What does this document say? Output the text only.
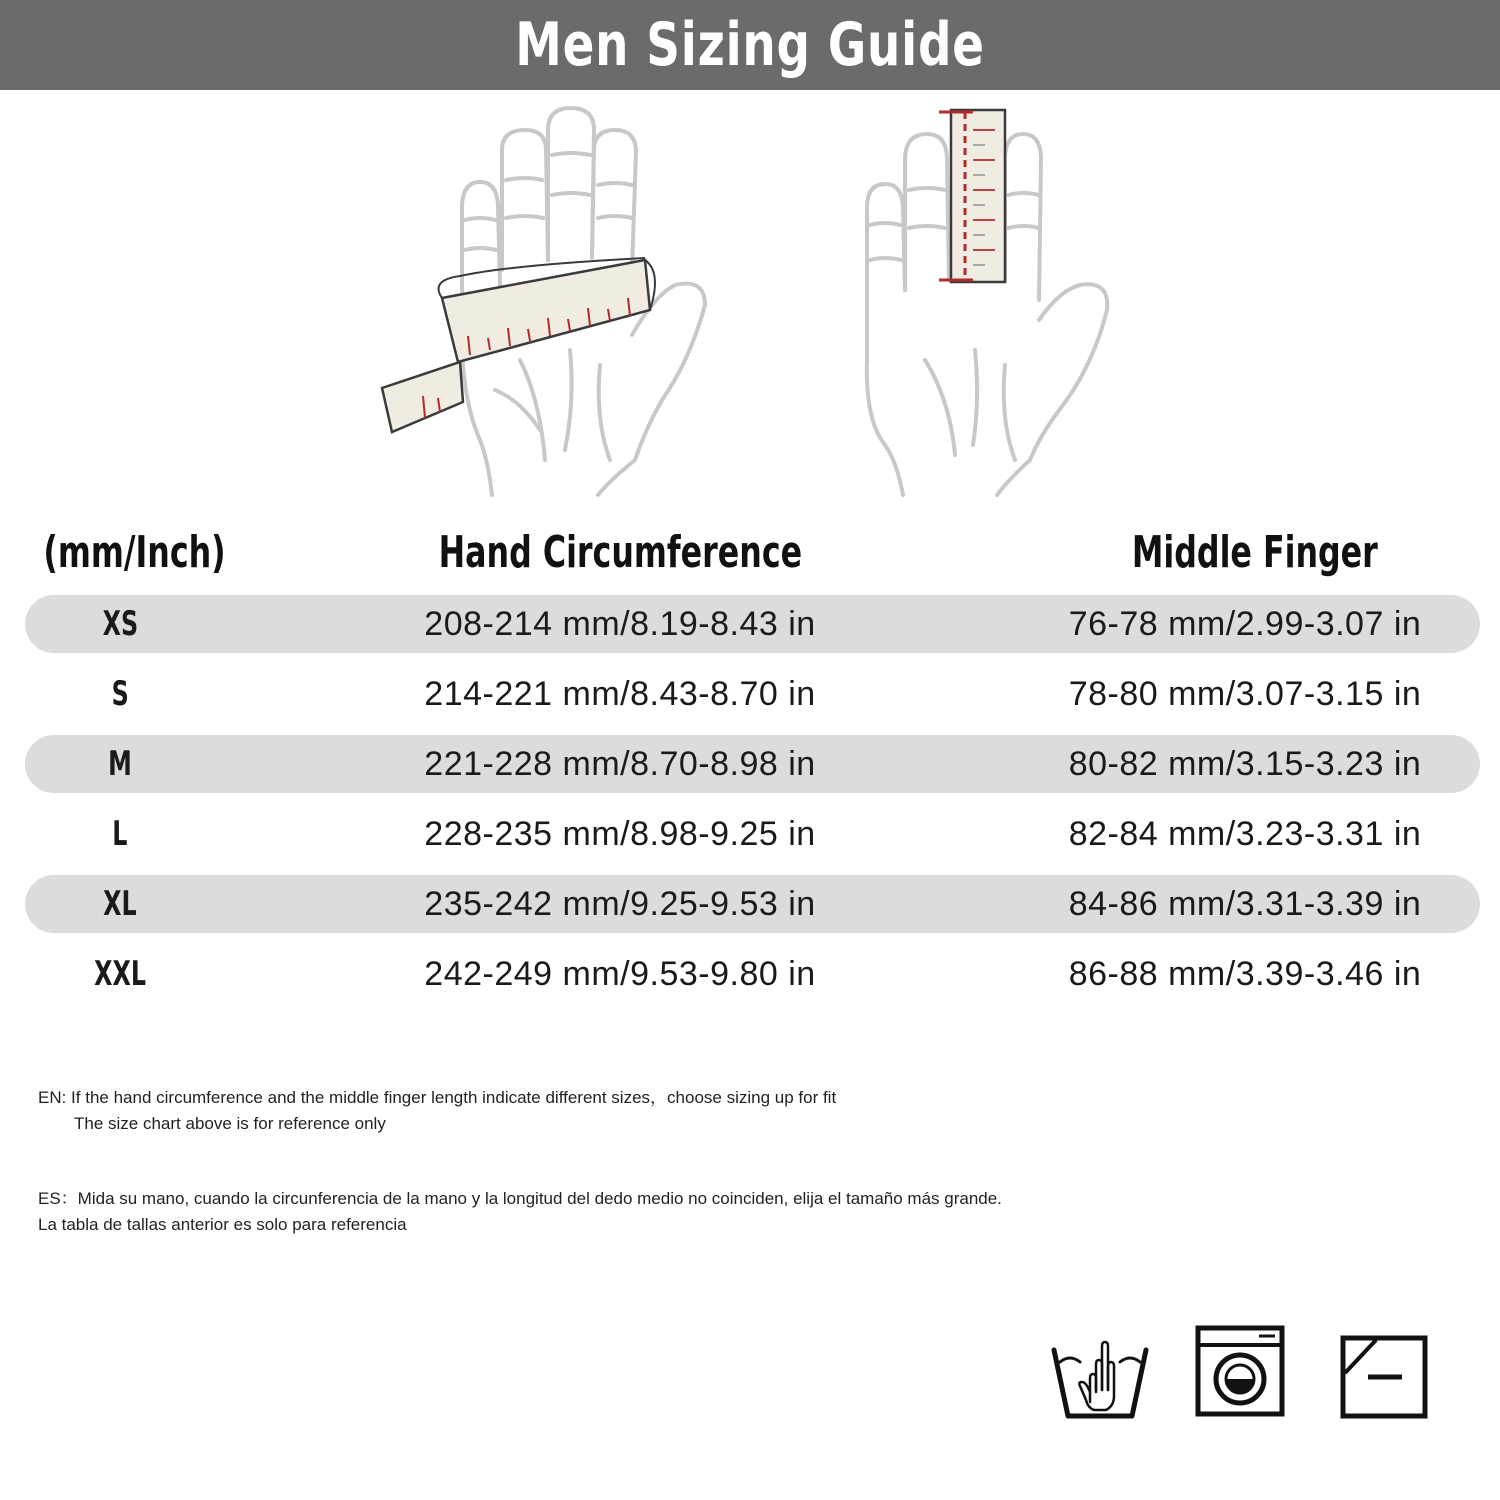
Men Sizing Guide
(mm/Inch)	Hand Circumference	Middle Finger
XS	208-214 mm/8.19-8.43 in	76-78 mm/2.99-3.07 in
S	214-221 mm/8.43-8.70 in	78-80 mm/3.07-3.15 in
M	221-228 mm/8.70-8.98 in	80-82 mm/3.15-3.23 in
L	228-235 mm/8.98-9.25 in	82-84 mm/3.23-3.31 in
XL	235-242 mm/9.25-9.53 in	84-86 mm/3.31-3.39 in
XXL	242-249 mm/9.53-9.80 in	86-88 mm/3.39-3.46 in
EN: If the hand circumference and the middle finger length indicate different sizes，choose sizing up for fit
The size chart above is for reference only
ES：Mida su mano, cuando la circunferencia de la mano y la longitud del dedo medio no coinciden, elija el tamaño más grande.
La tabla de tallas anterior es solo para referencia
